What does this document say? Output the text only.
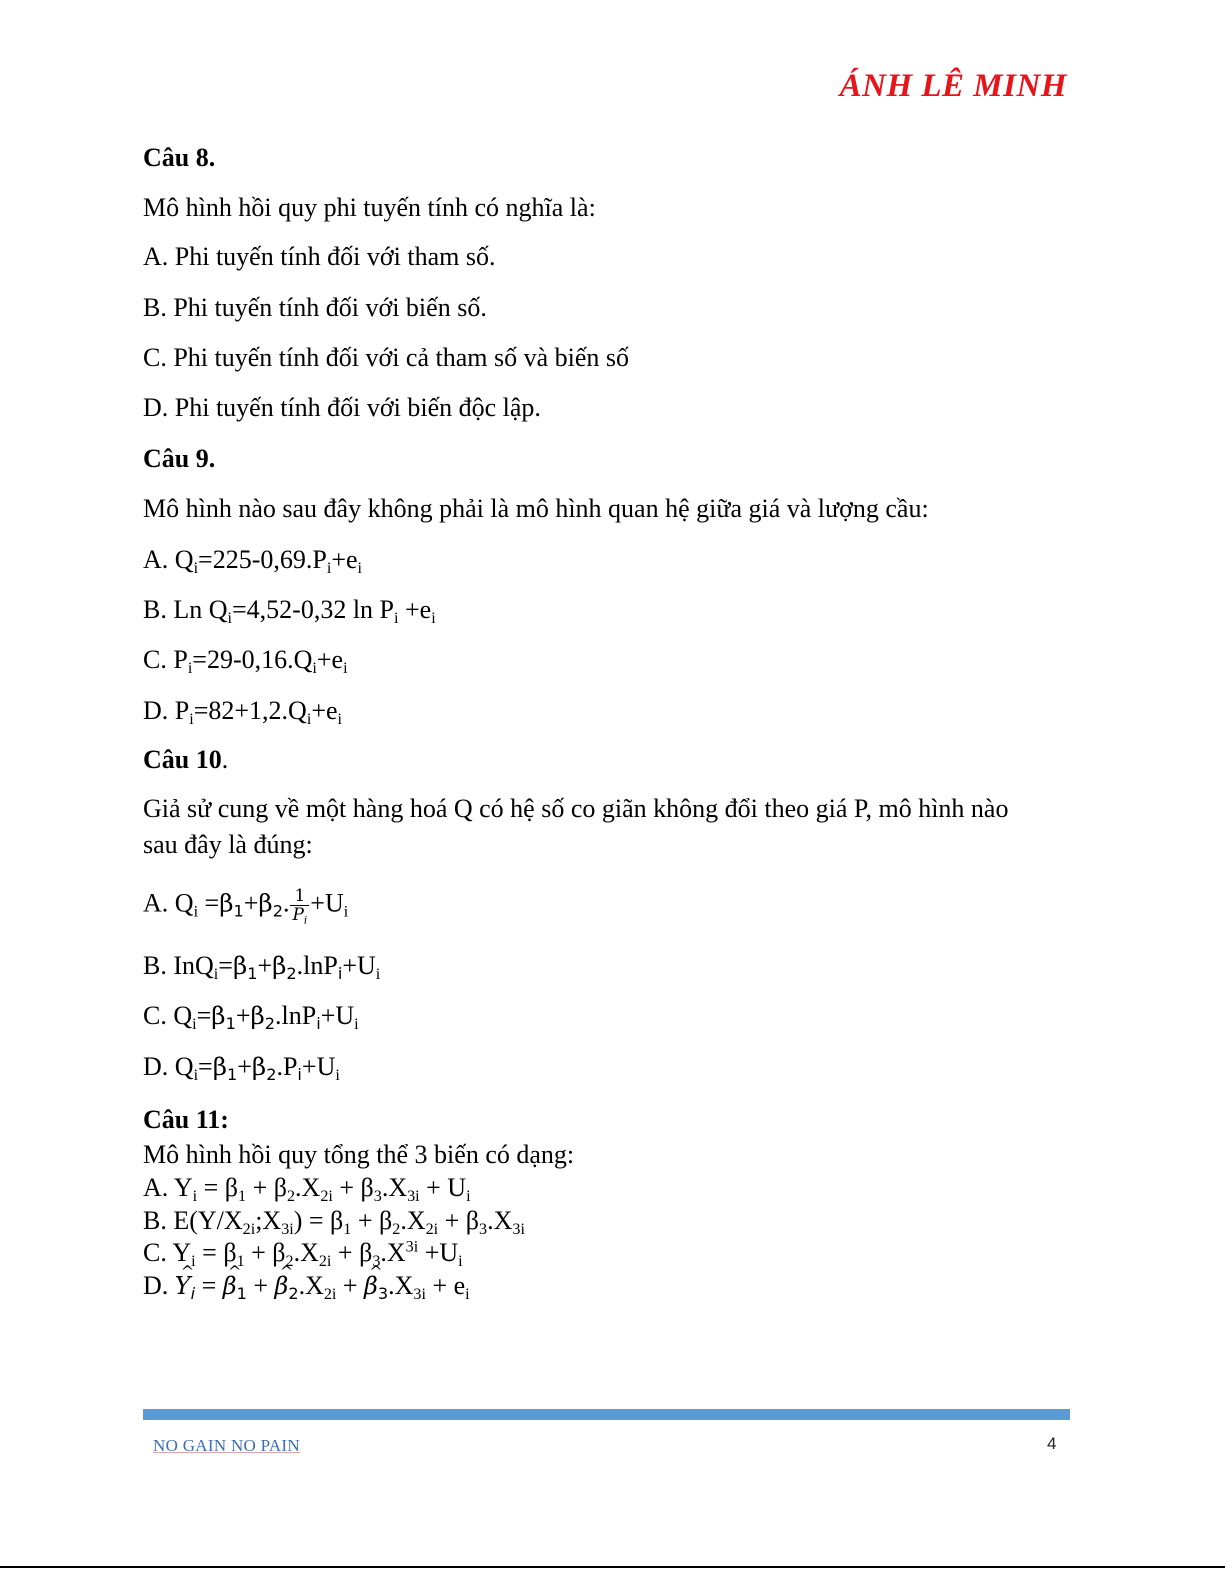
ÁNH LÊ MINH
Câu 8.
Mô hình hồi quy phi tuyến tính có nghĩa là:
A. Phi tuyến tính đối với tham số.
B. Phi tuyến tính đối với biến số.
C. Phi tuyến tính đối với cả tham số và biến số
D. Phi tuyến tính đối với biến độc lập.
Câu 9.
Mô hình nào sau đây không phải là mô hình quan hệ giữa giá và lượng cầu:
A. $Q_i=225-0,69.P_i+e_i$
B. Ln $Q_i=4,52-0,32$ $\ln P_i +e_i$
C. $P_i=29-0,16.Q_i+e_i$
D. $P_i=82+1,2.Q_i+e_i$
Câu 10.
Giả sử cung về một hàng hoá Q có hệ số co giãn không đổi theo giá P, mô hình nào
sau đây là đúng:
A. $Q_i =\beta 1+\beta 2$. $\frac{1}{P_i} +U_i$
B. $InQ_i=\beta 1+\beta 2.lnPi+U_i$
C. $Q_i=\beta 1+\beta 2.lnPi+U_i$
D. $Q_i=\beta 1+\beta 2.Pi+U_i$
Câu 11:
Mô hình hồi quy tổng thể 3 biến có dạng:
A. $Y_i = \beta_1 + \beta_2.X_{2i} + \beta_3.X_{3i} + U_i$
B. $E(Y/X_{2i};X_{3i}) = \beta_1 + \beta_2.X_{2i} + \beta_3.X_{3i}$
C. $Y_i = \beta_1 + \beta_2.X_{2i} + \beta_3.X^{3i} +U_i$
D. ^ Yi = ^ β1 + ^ $\beta 2.X_{2i}$ + ^ $\beta 3.X_{3i} + e_i$
NO GAIN NO PAIN	4
